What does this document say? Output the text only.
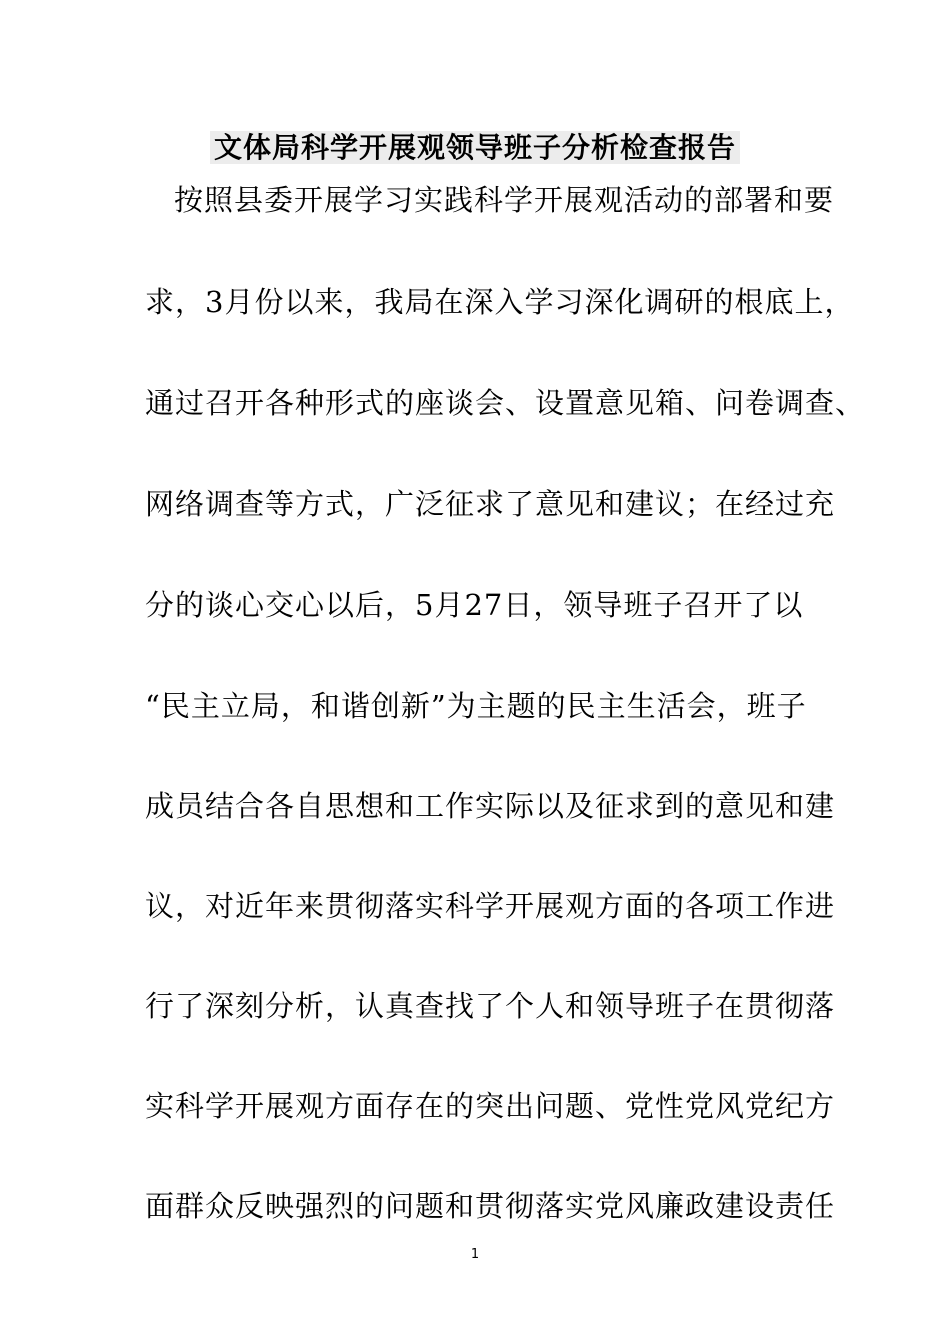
文体局科学开展观领导班子分析检查报告
按照县委开展学习实践科学开展观活动的部署和要
求，3月份以来，我局在深入学习深化调研的根底上，
通过召开各种形式的座谈会、设置意见箱、问卷调查、
网络调查等方式，广泛征求了意见和建议；在经过充
分的谈心交心以后，5月27日，领导班子召开了以
“民主立局，和谐创新”为主题的民主生活会，班子
成员结合各自思想和工作实际以及征求到的意见和建
议，对近年来贯彻落实科学开展观方面的各项工作进
行了深刻分析，认真查找了个人和领导班子在贯彻落
实科学开展观方面存在的突出问题、党性党风党纪方
面群众反映强烈的问题和贯彻落实党风廉政建设责任
1
